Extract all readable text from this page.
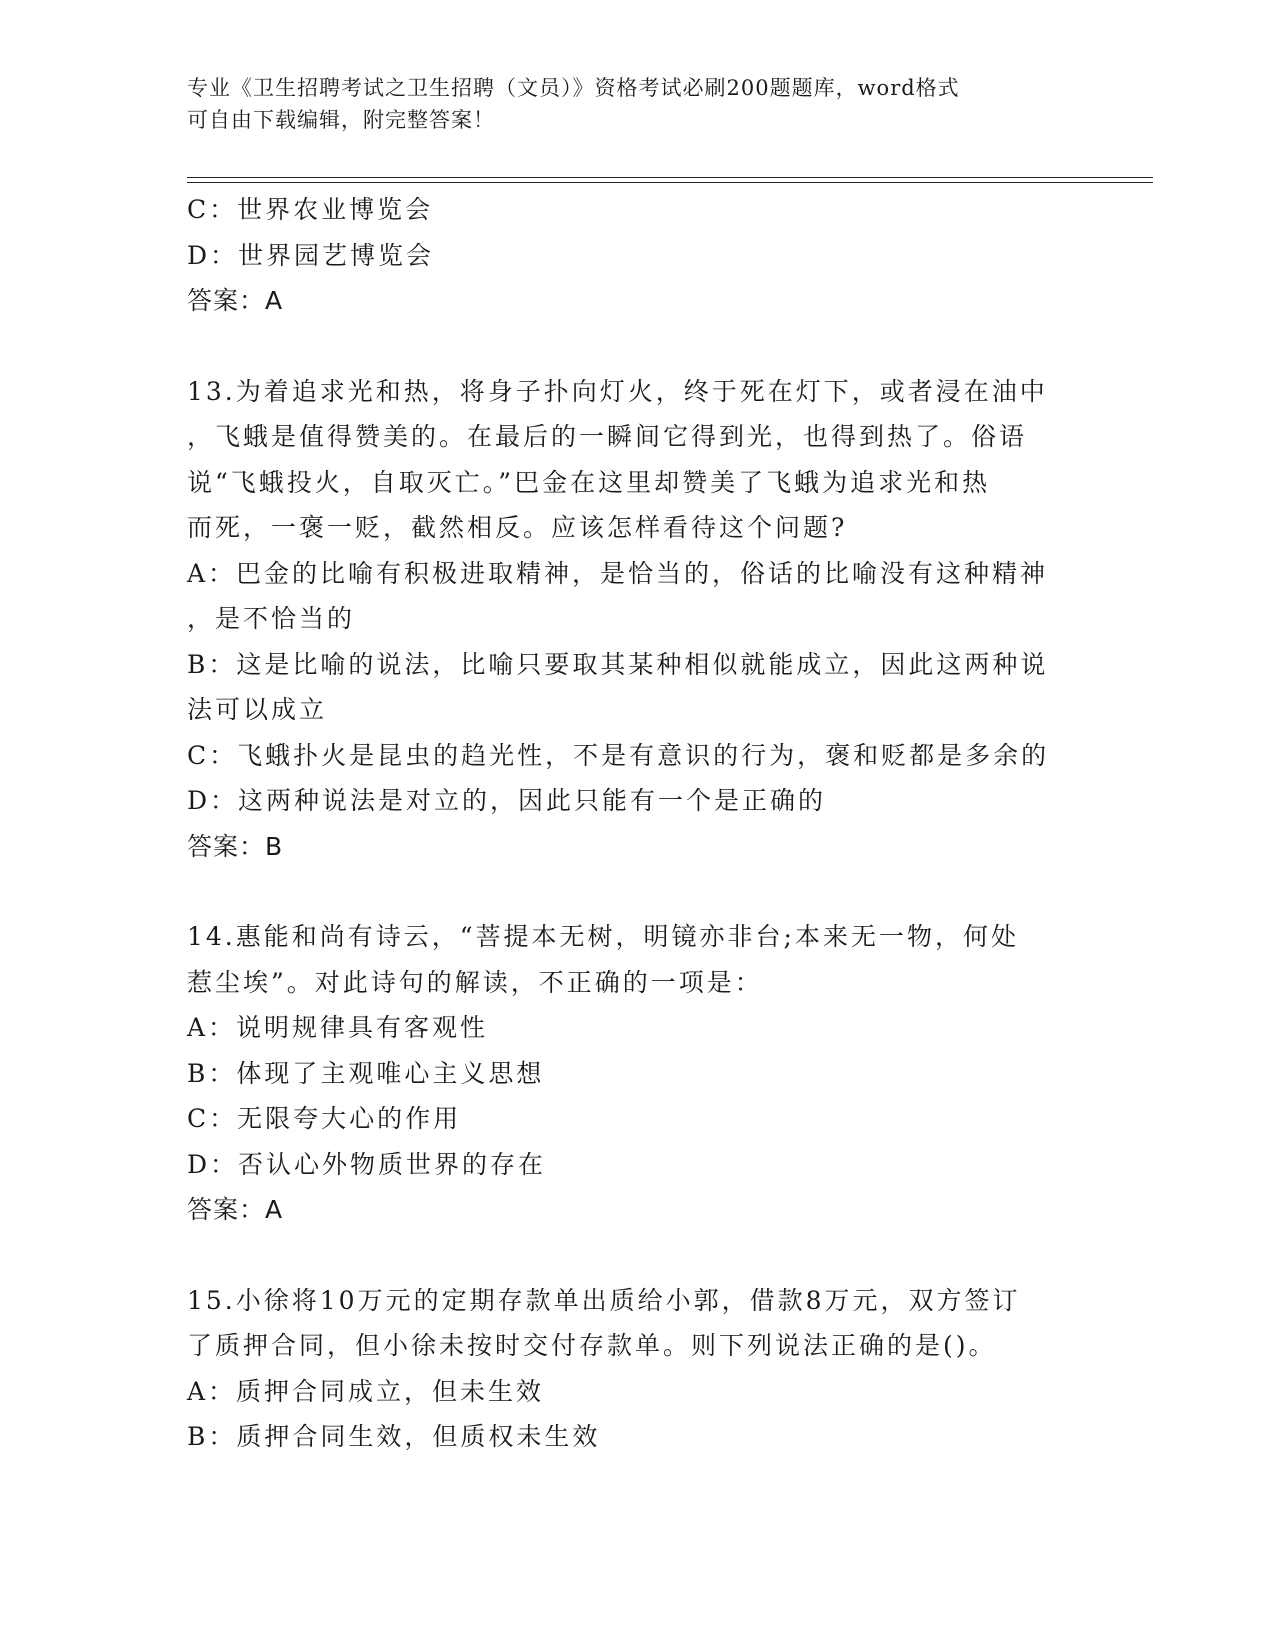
专业《卫生招聘考试之卫生招聘（文员）》资格考试必刷200题题库，word格式
可自由下载编辑，附完整答案！
C：世界农业博览会
D：世界园艺博览会
答案：A
13.为着追求光和热，将身子扑向灯火，终于死在灯下，或者浸在油中
，飞蛾是值得赞美的。在最后的一瞬间它得到光，也得到热了。俗语
说“飞蛾投火，自取灭亡。”巴金在这里却赞美了飞蛾为追求光和热
而死，一褒一贬，截然相反。应该怎样看待这个问题?
A：巴金的比喻有积极进取精神，是恰当的，俗话的比喻没有这种精神
，是不恰当的
B：这是比喻的说法，比喻只要取其某种相似就能成立，因此这两种说
法可以成立
C：飞蛾扑火是昆虫的趋光性，不是有意识的行为，褒和贬都是多余的
D：这两种说法是对立的，因此只能有一个是正确的
答案：B
14.惠能和尚有诗云，“菩提本无树，明镜亦非台;本来无一物，何处
惹尘埃”。对此诗句的解读，不正确的一项是：
A：说明规律具有客观性
B：体现了主观唯心主义思想
C：无限夸大心的作用
D：否认心外物质世界的存在
答案：A
15.小徐将10万元的定期存款单出质给小郭，借款8万元，双方签订
了质押合同，但小徐未按时交付存款单。则下列说法正确的是()。
A：质押合同成立，但未生效
B：质押合同生效，但质权未生效
